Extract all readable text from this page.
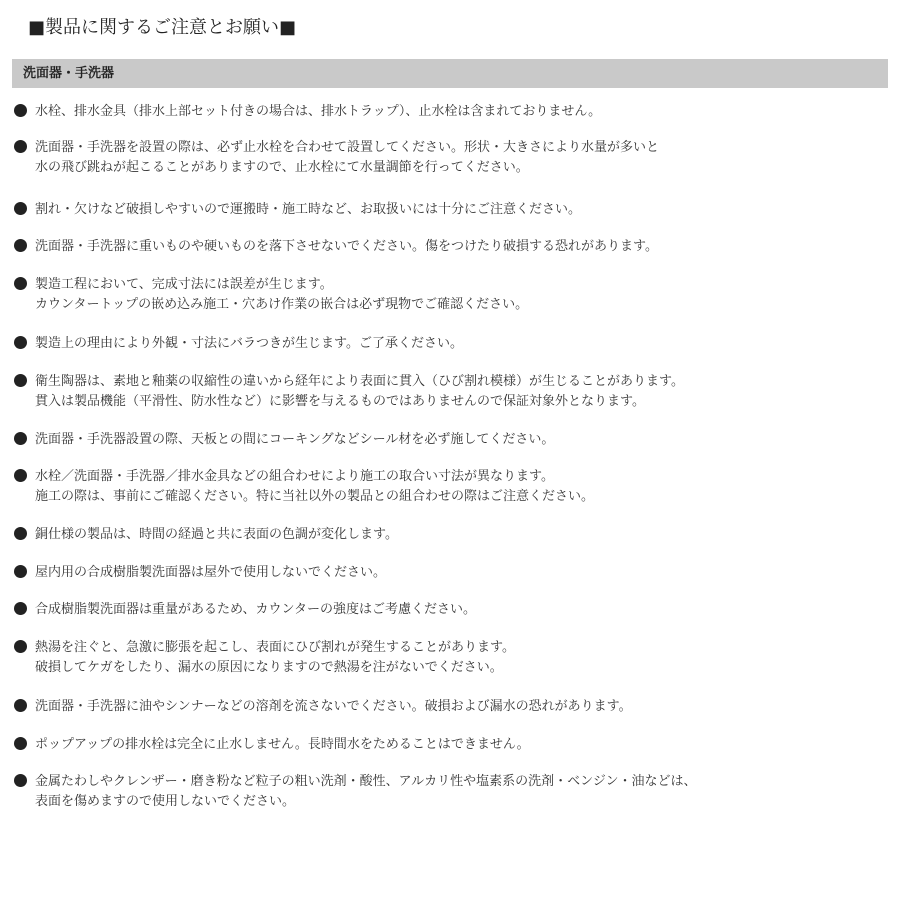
■製品に関するご注意とお願い■
洗面器・手洗器
水栓、排水金具（排水上部セット付きの場合は、排水トラップ）、止水栓は含まれておりません。
洗面器・手洗器を設置の際は、必ず止水栓を合わせて設置してください。形状・大きさにより水量が多いと
水の飛び跳ねが起こることがありますので、止水栓にて水量調節を行ってください。
割れ・欠けなど破損しやすいので運搬時・施工時など、お取扱いには十分にご注意ください。
洗面器・手洗器に重いものや硬いものを落下させないでください。傷をつけたり破損する恐れがあります。
製造工程において、完成寸法には誤差が生じます。
カウンタートップの嵌め込み施工・穴あけ作業の嵌合は必ず現物でご確認ください。
製造上の理由により外観・寸法にバラつきが生じます。ご了承ください。
衛生陶器は、素地と釉薬の収縮性の違いから経年により表面に貫入（ひび割れ模様）が生じることがあります。
貫入は製品機能（平滑性、防水性など）に影響を与えるものではありませんので保証対象外となります。
洗面器・手洗器設置の際、天板との間にコーキングなどシール材を必ず施してください。
水栓／洗面器・手洗器／排水金具などの組合わせにより施工の取合い寸法が異なります。
施工の際は、事前にご確認ください。特に当社以外の製品との組合わせの際はご注意ください。
銅仕様の製品は、時間の経過と共に表面の色調が変化します。
屋内用の合成樹脂製洗面器は屋外で使用しないでください。
合成樹脂製洗面器は重量があるため、カウンターの強度はご考慮ください。
熱湯を注ぐと、急激に膨張を起こし、表面にひび割れが発生することがあります。
破損してケガをしたり、漏水の原因になりますので熱湯を注がないでください。
洗面器・手洗器に油やシンナーなどの溶剤を流さないでください。破損および漏水の恐れがあります。
ポップアップの排水栓は完全に止水しません。長時間水をためることはできません。
金属たわしやクレンザー・磨き粉など粒子の粗い洗剤・酸性、アルカリ性や塩素系の洗剤・ベンジン・油などは、
表面を傷めますので使用しないでください。
